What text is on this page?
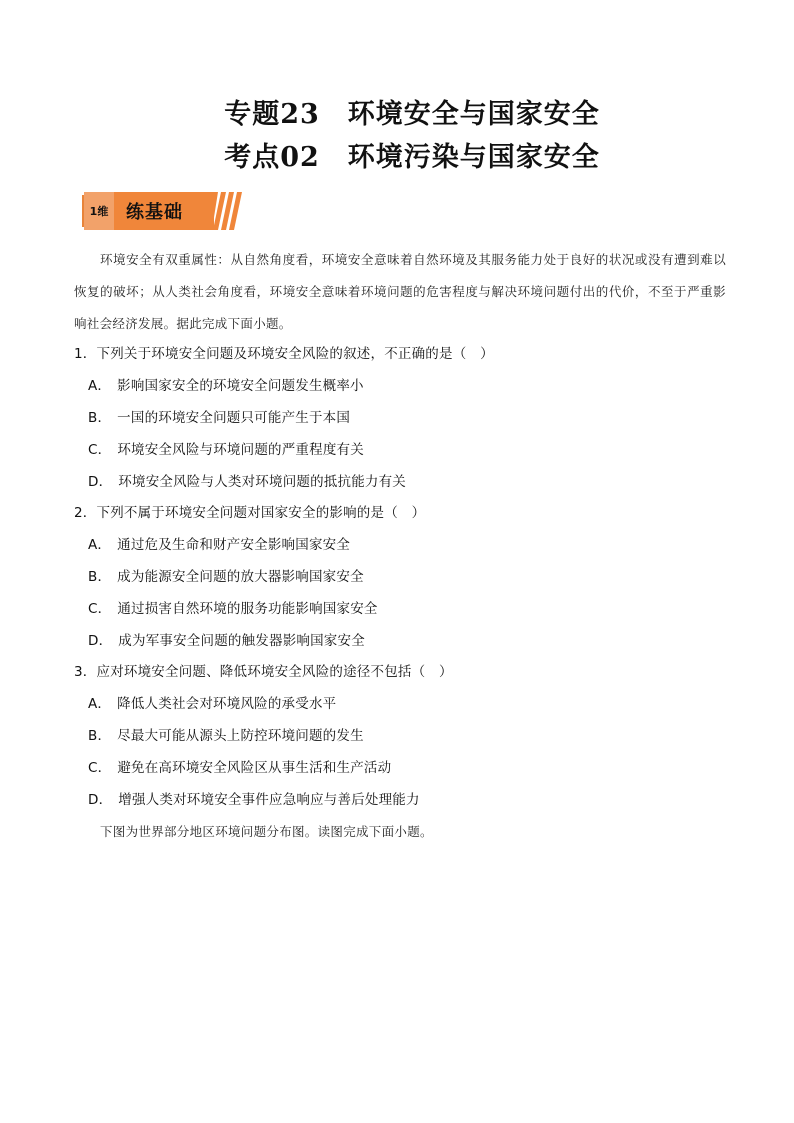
专题23　环境安全与国家安全
考点02　环境污染与国家安全
1维 练基础
环境安全有双重属性：从自然角度看，环境安全意味着自然环境及其服务能力处于良好的状况或没有遭到难以恢复的破坏；从人类社会角度看，环境安全意味着环境问题的危害程度与解决环境问题付出的代价，不至于严重影响社会经济发展。据此完成下面小题。
1．下列关于环境安全问题及环境安全风险的叙述，不正确的是（　）
A． 影响国家安全的环境安全问题发生概率小
B． 一国的环境安全问题只可能产生于本国
C． 环境安全风险与环境问题的严重程度有关
D． 环境安全风险与人类对环境问题的抵抗能力有关
2．下列不属于环境安全问题对国家安全的影响的是（　）
A． 通过危及生命和财产安全影响国家安全
B． 成为能源安全问题的放大器影响国家安全
C． 通过损害自然环境的服务功能影响国家安全
D． 成为军事安全问题的触发器影响国家安全
3．应对环境安全问题、降低环境安全风险的途径不包括（　）
A． 降低人类社会对环境风险的承受水平
B． 尽最大可能从源头上防控环境问题的发生
C． 避免在高环境安全风险区从事生活和生产活动
D． 增强人类对环境安全事件应急响应与善后处理能力
下图为世界部分地区环境问题分布图。读图完成下面小题。
